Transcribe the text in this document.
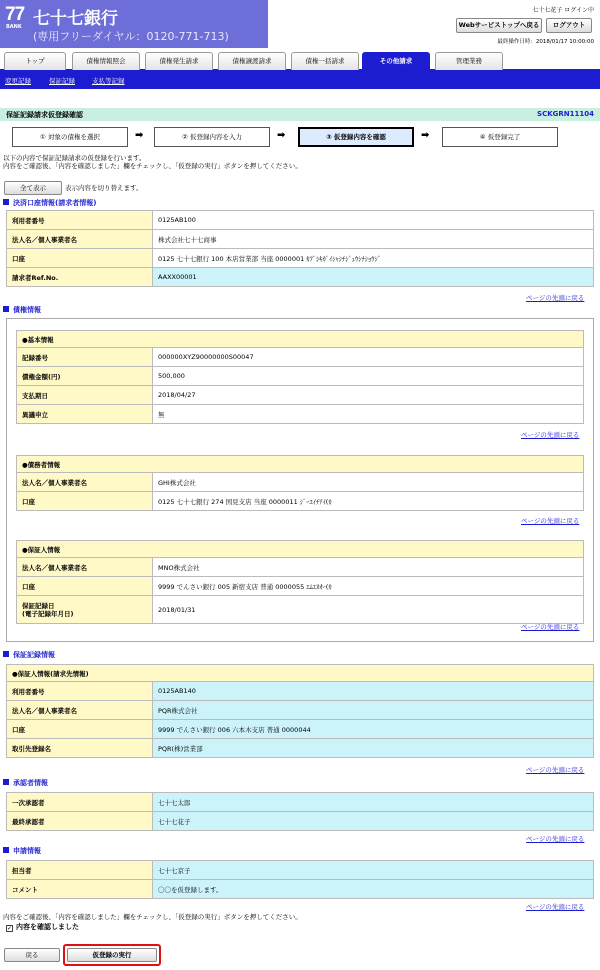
77
BANK 七十七銀行
(専用フリーダイヤル：0120-771-713)
七十七花子 ログイン中
Webサービストップへ戻る	ログアウト
最終操作日時：2018/01/17 10:00:00
トップ	債権情報照会	債権発生請求	債権譲渡請求	債権一括請求	その他請求	管理業務
変更記録	保証記録	支払等記録
保証記録請求仮登録確認	SCKGRN11104
① 対象の債権を選択	➡	② 仮登録内容を入力	➡	③ 仮登録内容を確認	➡	④ 仮登録完了
以下の内容で保証記録請求の仮登録を行います。
内容をご確認後、「内容を確認しました」欄をチェックし、「仮登録の実行」ボタンを押してください。
全て表示	表示内容を切り替えます。
決済口座情報(請求者情報)
利用者番号	0125AB100
法人名／個人事業者名	株式会社七十七商事
口座	0125 七十七銀行 100 本店営業部 当座 0000001 ｶﾌﾞｼｷｶﾞｲｼｬｼﾁｼﾞｭｳｼﾁｼｮｳｼﾞ
請求者Ref.No.	AAXX00001
ページの先頭に戻る
債権情報
●基本情報	
記録番号	000000XYZ90000000S00047
債権金額(円)	500,000
支払期日	2018/04/27
異議申立	無
ページの先頭に戻る
●債務者情報	
法人名／個人事業者名	GHI株式会社
口座	0125 七十七銀行 274 国見支店 当座 0000011 ｼﾞｰｴｲﾁｱｲ(ｶ
ページの先頭に戻る
●保証人情報	
法人名／個人事業者名	MNO株式会社
口座	9999 でんさい銀行 005 新宿支店 普通 0000055 ｴﾑｴﾇｵｰ(ｶ
保証記録日
(電子記録年月日)	2018/01/31
ページの先頭に戻る
保証記録情報
●保証人情報(請求先情報)	
利用者番号	0125AB140
法人名／個人事業者名	PQR株式会社
口座	9999 でんさい銀行 006 六本木支店 普通 0000044
取引先登録名	PQR(株)営業部
ページの先頭に戻る
承認者情報
一次承認者	七十七太郎
最終承認者	七十七花子
ページの先頭に戻る
申請情報
担当者	七十七京子
コメント	〇〇を仮登録します。
ページの先頭に戻る
内容をご確認後、「内容を確認しました」欄をチェックし、「仮登録の実行」ボタンを押してください。
✓ 内容を確認しました
戻る	仮登録の実行
